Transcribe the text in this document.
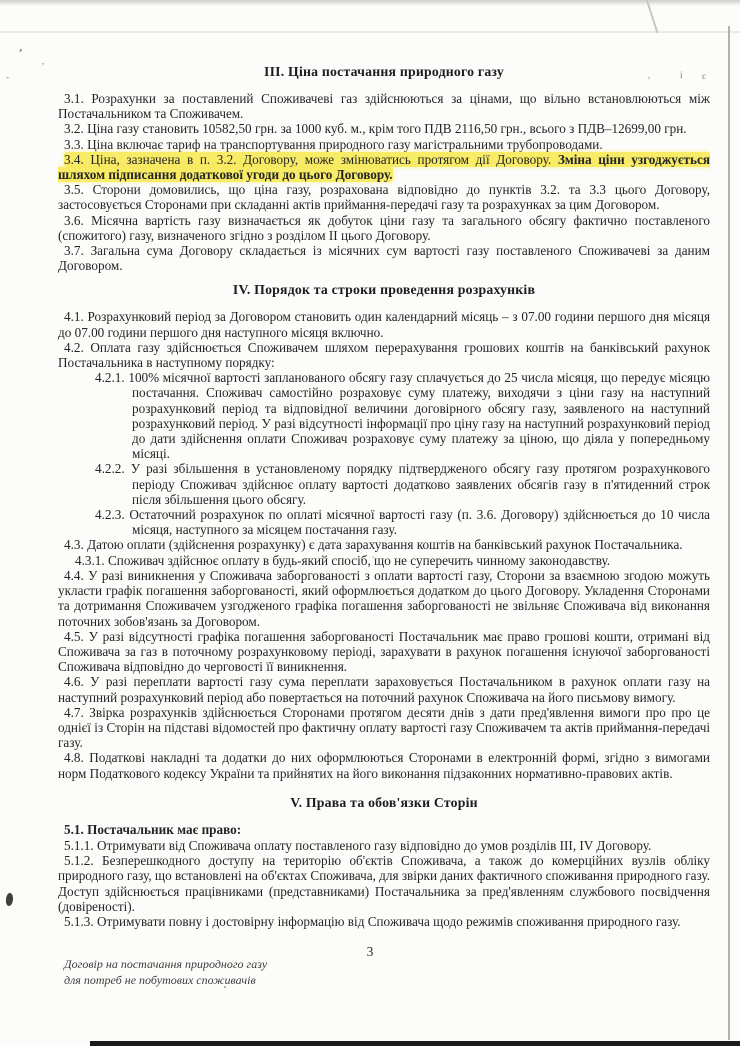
’
,
-	,	і є
ІІІ. Ціна постачання природного газу

3.1. Розрахунки за поставлений Споживачеві газ здійснюються за цінами, що вільно встановлюються між Постачальником та Споживачем.

3.2. Ціна газу становить 10582,50 грн. за 1000 куб. м., крім того ПДВ 2116,50 грн., всього з ПДВ–12699,00 грн.

3.3. Ціна включає тариф на транспортування природного газу магістральними трубопроводами.

3.4. Ціна, зазначена в п. 3.2. Договору, може змінюватись протягом дії Договору. Зміна ціни узгоджується шляхом підписання додаткової угоди до цього Договору.

3.5. Сторони домовились, що ціна газу, розрахована відповідно до пунктів 3.2. та 3.3 цього Договору, застосовується Сторонами при складанні актів приймання-передачі газу та розрахунках за цим Договором.

3.6. Місячна вартість газу визначається як добуток ціни газу та загального обсягу фактично поставленого (спожитого) газу, визначеного згідно з розділом ІІ цього Договору.

3.7. Загальна сума Договору складається із місячних сум вартості газу поставленого Споживачеві за даним Договором.

IV. Порядок та строки проведення розрахунків

4.1. Розрахунковий період за Договором становить один календарний місяць – з 07.00 години першого дня місяця до 07.00 години першого дня наступного місяця включно.

4.2. Оплата газу здійснюється Споживачем шляхом перерахування грошових коштів на банківський рахунок Постачальника в наступному порядку:

4.2.1. 100% місячної вартості запланованого обсягу газу сплачується до 25 числа місяця, що передує місяцю постачання. Споживач самостійно розраховує суму платежу, виходячи з ціни газу на наступний розрахунковий період та відповідної величини договірного обсягу газу, заявленого на наступний розрахунковий період. У разі відсутності інформації про ціну газу на наступний розрахунковий період до дати здійснення оплати Споживач розраховує суму платежу за ціною, що діяла у попередньому місяці.

4.2.2. У разі збільшення в установленому порядку підтвердженого обсягу газу протягом розрахункового періоду Споживач здійснює оплату вартості додатково заявлених обсягів газу в п'ятиденний строк після збільшення цього обсягу.

4.2.3. Остаточний розрахунок по оплаті місячної вартості газу (п. 3.6. Договору) здійснюється до 10 числа місяця, наступного за місяцем постачання газу.

4.3. Датою оплати (здійснення розрахунку) є дата зарахування коштів на банківський рахунок Постачальника.

4.3.1. Споживач здійснює оплату в будь-який спосіб, що не суперечить чинному законодавству.

4.4. У разі виникнення у Споживача заборгованості з оплати вартості газу, Сторони за взаємною згодою можуть укласти графік погашення заборгованості, який оформлюється додатком до цього Договору. Укладення Сторонами та дотримання Споживачем узгодженого графіка погашення заборгованості не звільняє Споживача від виконання поточних зобов'язань за Договором.

4.5. У разі відсутності графіка погашення заборгованості Постачальник має право грошові кошти, отримані від Споживача за газ в поточному розрахунковому періоді, зарахувати в рахунок погашення існуючої заборгованості Споживача відповідно до черговості її виникнення.

4.6. У разі переплати вартості газу сума переплати зараховується Постачальником в рахунок оплати газу на наступний розрахунковий період або повертається на поточний рахунок Споживача на його письмову вимогу.

4.7. Звірка розрахунків здійснюється Сторонами протягом десяти днів з дати пред'явлення вимоги про про це однієї із Сторін на підставі відомостей про фактичну оплату вартості газу Споживачем та актів приймання-передачі газу.

4.8. Податкові накладні та додатки до них оформлюються Сторонами в електронній формі, згідно з вимогами норм Податкового кодексу України та прийнятих на його виконання підзаконних нормативно-правових актів.

V. Права та обов'язки Сторін

5.1. Постачальник має право:

5.1.1. Отримувати від Споживача оплату поставленого газу відповідно до умов розділів ІІІ, IV Договору.

5.1.2. Безперешкодного доступу на територію об'єктів Споживача, а також до комерційних вузлів обліку природного газу, що встановлені на об'єктах Споживача, для звірки даних фактичного споживання природного газу. Доступ здійснюється працівниками (представниками) Постачальника за пред'явленням службового посвідчення (довіреності).

5.1.3. Отримувати повну і достовірну інформацію від Споживача щодо режимів споживання природного газу.

3
Договір на постачання природного газу
для потреб не побутових споживачів
